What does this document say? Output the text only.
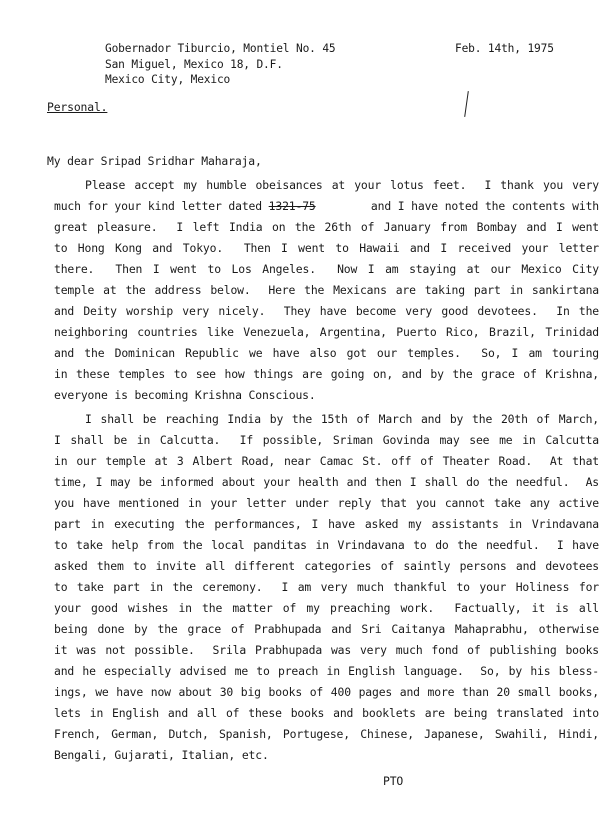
Gobernador Tiburcio, Montiel No. 45
San Miguel, Mexico 18, D.F.
Mexico City, Mexico
Feb. 14th, 1975
Personal.
My dear Sripad Sridhar Maharaja,
Please accept my humble obeisances at your lotus feet.  I thank you very
much for your kind letter dated 1321-75	and I have noted the contents with
great pleasure.  I left India on the 26th of January from Bombay and I went
to Hong Kong and Tokyo.  Then I went to Hawaii and I received your letter
there.  Then I went to Los Angeles.  Now I am staying at our Mexico City
temple at the address below.  Here the Mexicans are taking part in sankirtana
and Deity worship very nicely.  They have become very good devotees.  In the
neighboring countries like Venezuela, Argentina, Puerto Rico, Brazil, Trinidad
and the Dominican Republic we have also got our temples.  So, I am touring
in these temples to see how things are going on, and by the grace of Krishna,
everyone is becoming Krishna Conscious.
I shall be reaching India by the 15th of March and by the 20th of March,
I shall be in Calcutta.  If possible, Sriman Govinda may see me in Calcutta
in our temple at 3 Albert Road, near Camac St. off of Theater Road.  At that
time, I may be informed about your health and then I shall do the needful.  As
you have mentioned in your letter under reply that you cannot take any active
part in executing the performances, I have asked my assistants in Vrindavana
to take help from the local panditas in Vrindavana to do the needful.  I have
asked them to invite all different categories of saintly persons and devotees
to take part in the ceremony.  I am very much thankful to your Holiness for
your good wishes in the matter of my preaching work.  Factually, it is all
being done by the grace of Prabhupada and Sri Caitanya Mahaprabhu, otherwise
it was not possible.  Srila Prabhupada was very much fond of publishing books
and he especially advised me to preach in English language.  So, by his bless-
ings, we have now about 30 big books of 400 pages and more than 20 small books,
lets in English and all of these books and booklets are being translated into
French, German, Dutch, Spanish, Portugese, Chinese, Japanese, Swahili, Hindi,
Bengali, Gujarati, Italian, etc.
PTO
